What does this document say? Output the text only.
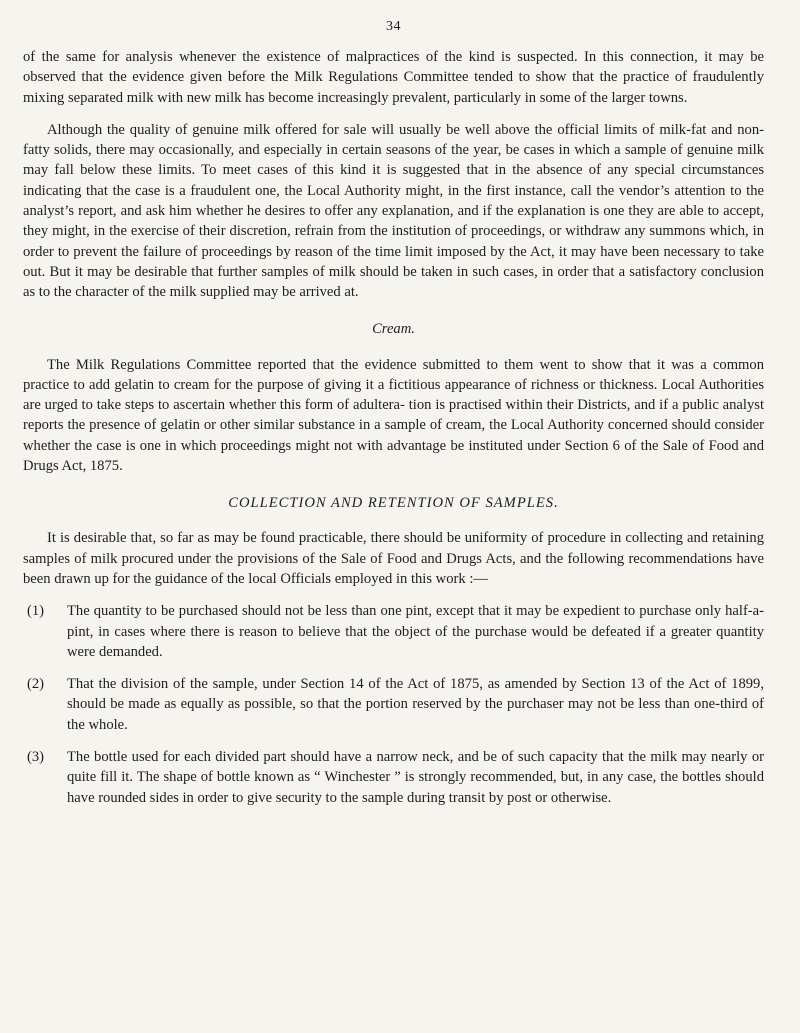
34

of the same for analysis whenever the existence of malpractices of the kind is suspected. In this connection, it may be observed that the evidence given before the Milk Regulations Committee tended to show that the practice of fraudulently mixing separated milk with new milk has become increasingly prevalent, particularly in some of the larger towns.

Although the quality of genuine milk offered for sale will usually be well above the official limits of milk-fat and non-fatty solids, there may occasionally, and especially in certain seasons of the year, be cases in which a sample of genuine milk may fall below these limits. To meet cases of this kind it is suggested that in the absence of any special circumstances indicating that the case is a fraudulent one, the Local Authority might, in the first instance, call the vendor’s attention to the analyst’s report, and ask him whether he desires to offer any explanation, and if the explanation is one they are able to accept, they might, in the exercise of their discretion, refrain from the institution of proceedings, or withdraw any summons which, in order to prevent the failure of proceedings by reason of the time limit imposed by the Act, it may have been necessary to take out. But it may be desirable that further samples of milk should be taken in such cases, in order that a satisfactory conclusion as to the character of the milk supplied may be arrived at.

Cream.

The Milk Regulations Committee reported that the evidence submitted to them went to show that it was a common practice to add gelatin to cream for the purpose of giving it a fictitious appearance of richness or thickness. Local Authorities are urged to take steps to ascertain whether this form of adultera- tion is practised within their Districts, and if a public analyst reports the presence of gelatin or other similar substance in a sample of cream, the Local Authority concerned should consider whether the case is one in which proceedings might not with advantage be instituted under Section 6 of the Sale of Food and Drugs Act, 1875.

COLLECTION AND RETENTION OF SAMPLES.

It is desirable that, so far as may be found practicable, there should be uniformity of procedure in collecting and retaining samples of milk procured under the provisions of the Sale of Food and Drugs Acts, and the following recommendations have been drawn up for the guidance of the local Officials employed in this work :—

(1) The quantity to be purchased should not be less than one pint, except that it may be expedient to purchase only half-a-pint, in cases where there is reason to believe that the object of the purchase would be defeated if a greater quantity were demanded.
(2) That the division of the sample, under Section 14 of the Act of 1875, as amended by Section 13 of the Act of 1899, should be made as equally as possible, so that the portion reserved by the purchaser may not be less than one-third of the whole.
(3) The bottle used for each divided part should have a narrow neck, and be of such capacity that the milk may nearly or quite fill it. The shape of bottle known as “ Winchester ” is strongly recommended, but, in any case, the bottles should have rounded sides in order to give security to the sample during transit by post or otherwise.
